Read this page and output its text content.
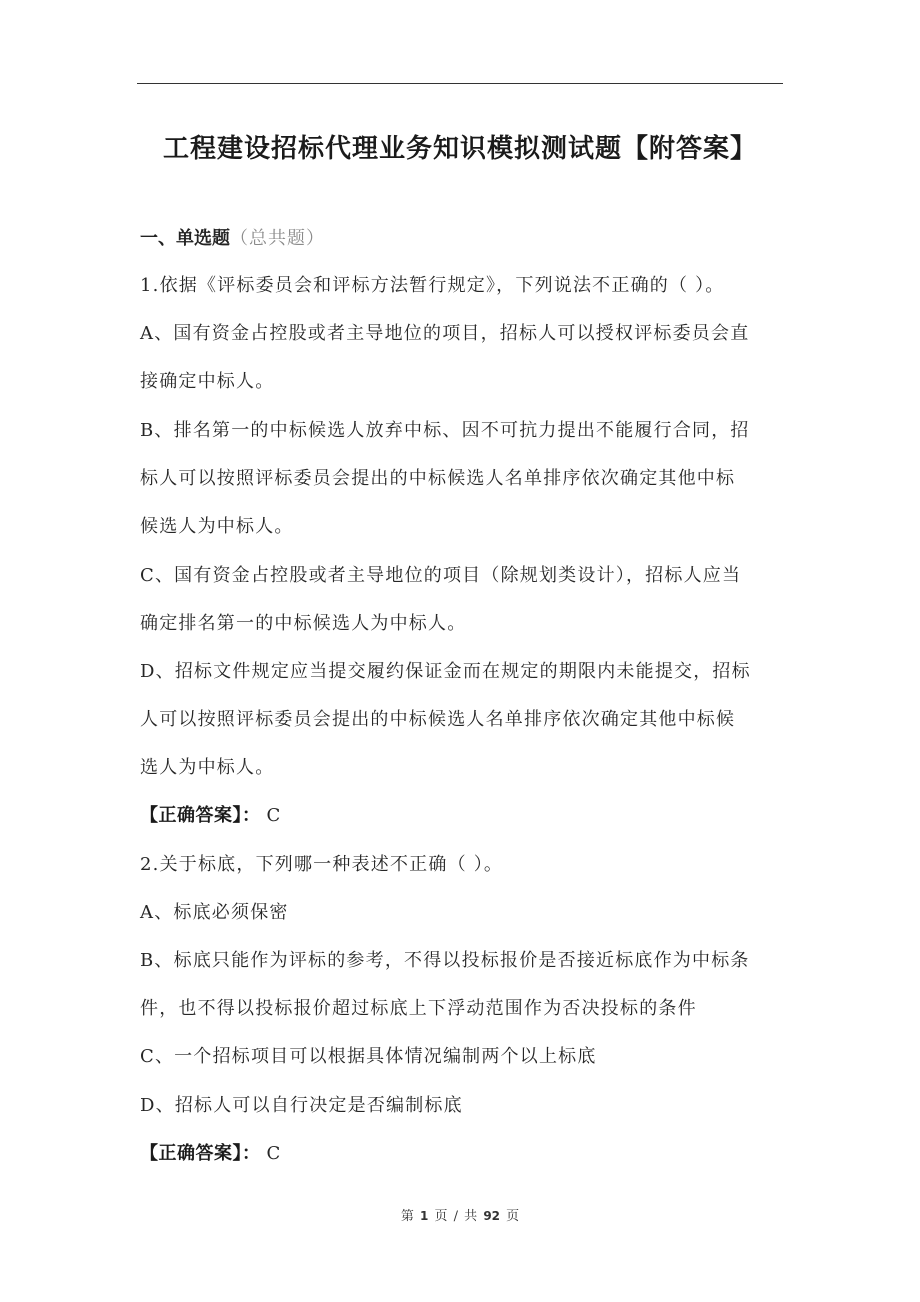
工程建设招标代理业务知识模拟测试题【附答案】
一、单选题（总共题）
1.依据《评标委员会和评标方法暂行规定》，下列说法不正确的（ ）。
A、国有资金占控股或者主导地位的项目，招标人可以授权评标委员会直
接确定中标人。
B、排名第一的中标候选人放弃中标、因不可抗力提出不能履行合同，招
标人可以按照评标委员会提出的中标候选人名单排序依次确定其他中标
候选人为中标人。
C、国有资金占控股或者主导地位的项目（除规划类设计），招标人应当
确定排名第一的中标候选人为中标人。
D、招标文件规定应当提交履约保证金而在规定的期限内未能提交，招标
人可以按照评标委员会提出的中标候选人名单排序依次确定其他中标候
选人为中标人。
【正确答案】： C
2.关于标底，下列哪一种表述不正确（ ）。
A、标底必须保密
B、标底只能作为评标的参考，不得以投标报价是否接近标底作为中标条
件，也不得以投标报价超过标底上下浮动范围作为否决投标的条件
C、一个招标项目可以根据具体情况编制两个以上标底
D、招标人可以自行决定是否编制标底
【正确答案】： C
第 1 页 / 共 92 页
